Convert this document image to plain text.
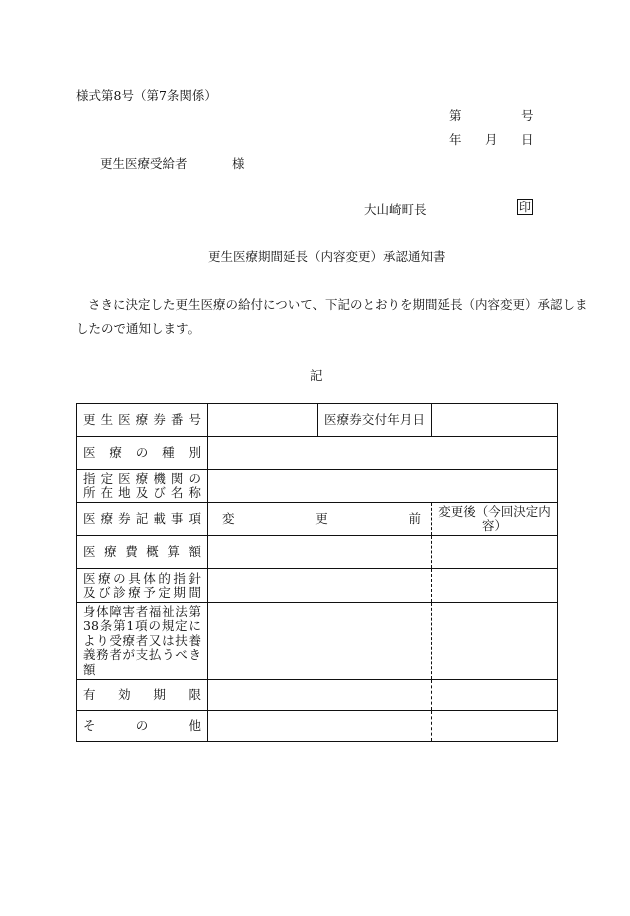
様式第8号（第7条関係）
第	号
年 月 日
更生医療受給者	様
大山崎町長	印
更生医療期間延長（内容変更）承認通知書
さきに決定した更生医療の給付について、下記のとおりを期間延長（内容変更）承認しま
したので通知します。
記
更生医療券番号		医療券交付年月日	

医療の種別			

指定医療機関の
所在地及び名称			

医療券記載事項	変　　　更　　　前		変更後（今回決定内容）

医療費概算額			

医療の具体的指針
及び診療予定期間			

身体障害者福祉法第38条第1項の規定により受療者又は扶養義務者が支払うべき額			

有効期限			

その他			
